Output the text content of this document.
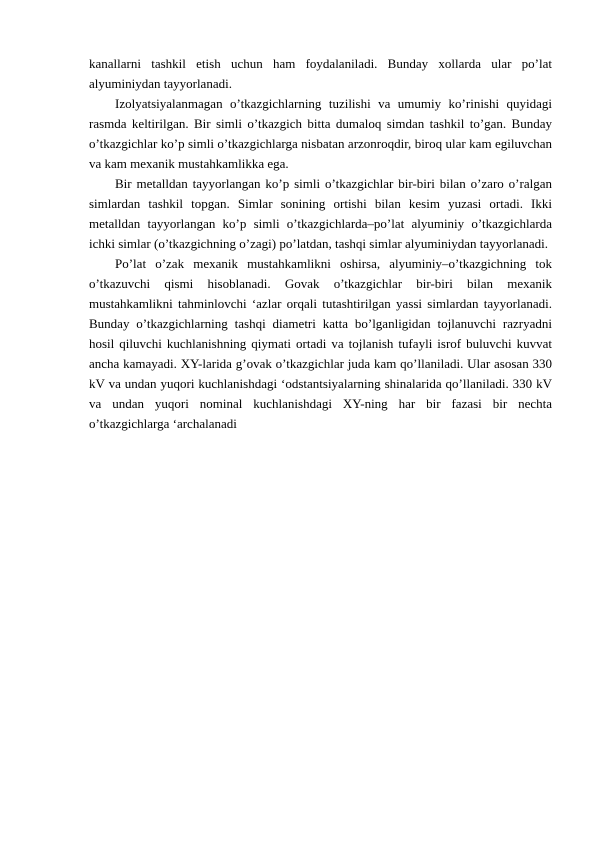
kanallarni tashkil etish uchun ham foydalaniladi. Bunday xollarda ular po’lat alyuminiydan tayyorlanadi.

Izolyatsiyalanmagan o’tkazgichlarning tuzilishi va umumiy ko’rinishi quyidagi rasmda keltirilgan. Bir simli o’tkazgich bitta dumaloq simdan tashkil to’gan. Bunday o’tkazgichlar ko’p simli o’tkazgichlarga nisbatan arzonroqdir, biroq ular kam egiluvchan va kam mexanik mustahkamlikka ega.

Bir metalldan tayyorlangan ko’p simli o’tkazgichlar bir-biri bilan o’zaro o’ralgan simlardan tashkil topgan. Simlar sonining ortishi bilan kesim yuzasi ortadi. Ikki metalldan tayyorlangan ko’p simli o’tkazgichlarda–po’lat alyuminiy o’tkazgichlarda ichki simlar (o’tkazgichning o’zagi) po’latdan, tashqi simlar alyuminiydan tayyorlanadi.

Po’lat o’zak mexanik mustahkamlikni oshirsa, alyuminiy–o’tkazgichning tok o’tkazuvchi qismi hisoblanadi. Govak o’tkazgichlar bir-biri bilan mexanik mustahkamlikni tahminlovchi ‘azlar orqali tutashtirilgan yassi simlardan tayyorlanadi. Bunday o’tkazgichlarning tashqi diametri katta bo’lganligidan tojlanuvchi razryadni hosil qiluvchi kuchlanishning qiymati ortadi va tojlanish tufayli isrof buluvchi kuvvat ancha kamayadi. XY-larida g’ovak o’tkazgichlar juda kam qo’llaniladi. Ular asosan 330 kV va undan yuqori kuchlanishdagi ‘odstantsiyalarning shinalarida qo’llaniladi. 330 kV va undan yuqori nominal kuchlanishdagi XY-ning har bir fazasi bir nechta o’tkazgichlarga ‘archalanadi
